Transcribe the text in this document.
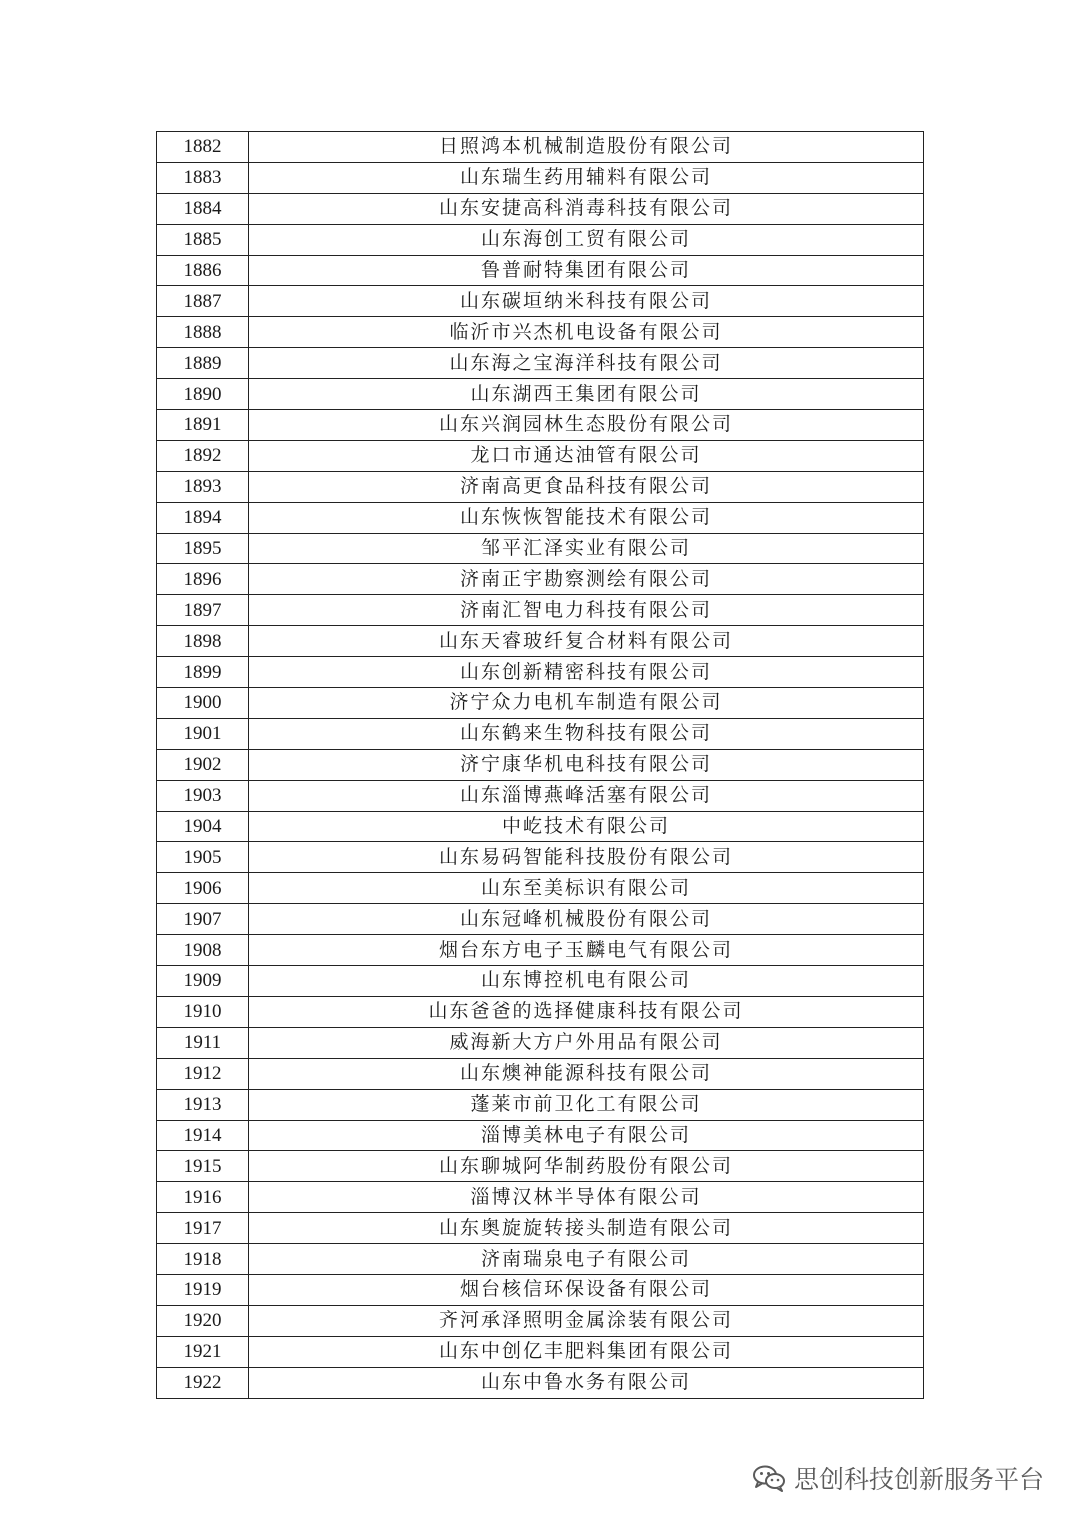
1882	日照鸿本机械制造股份有限公司
1883	山东瑞生药用辅料有限公司
1884	山东安捷高科消毒科技有限公司
1885	山东海创工贸有限公司
1886	鲁普耐特集团有限公司
1887	山东碳垣纳米科技有限公司
1888	临沂市兴杰机电设备有限公司
1889	山东海之宝海洋科技有限公司
1890	山东湖西王集团有限公司
1891	山东兴润园林生态股份有限公司
1892	龙口市通达油管有限公司
1893	济南高更食品科技有限公司
1894	山东恢恢智能技术有限公司
1895	邹平汇泽实业有限公司
1896	济南正宇勘察测绘有限公司
1897	济南汇智电力科技有限公司
1898	山东天睿玻纤复合材料有限公司
1899	山东创新精密科技有限公司
1900	济宁众力电机车制造有限公司
1901	山东鹤来生物科技有限公司
1902	济宁康华机电科技有限公司
1903	山东淄博燕峰活塞有限公司
1904	中屹技术有限公司
1905	山东易码智能科技股份有限公司
1906	山东至美标识有限公司
1907	山东冠峰机械股份有限公司
1908	烟台东方电子玉麟电气有限公司
1909	山东博控机电有限公司
1910	山东爸爸的选择健康科技有限公司
1911	威海新大方户外用品有限公司
1912	山东燠神能源科技有限公司
1913	蓬莱市前卫化工有限公司
1914	淄博美林电子有限公司
1915	山东聊城阿华制药股份有限公司
1916	淄博汉林半导体有限公司
1917	山东奥旋旋转接头制造有限公司
1918	济南瑞泉电子有限公司
1919	烟台核信环保设备有限公司
1920	齐河承泽照明金属涂装有限公司
1921	山东中创亿丰肥料集团有限公司
1922	山东中鲁水务有限公司
思创科技创新服务平台
